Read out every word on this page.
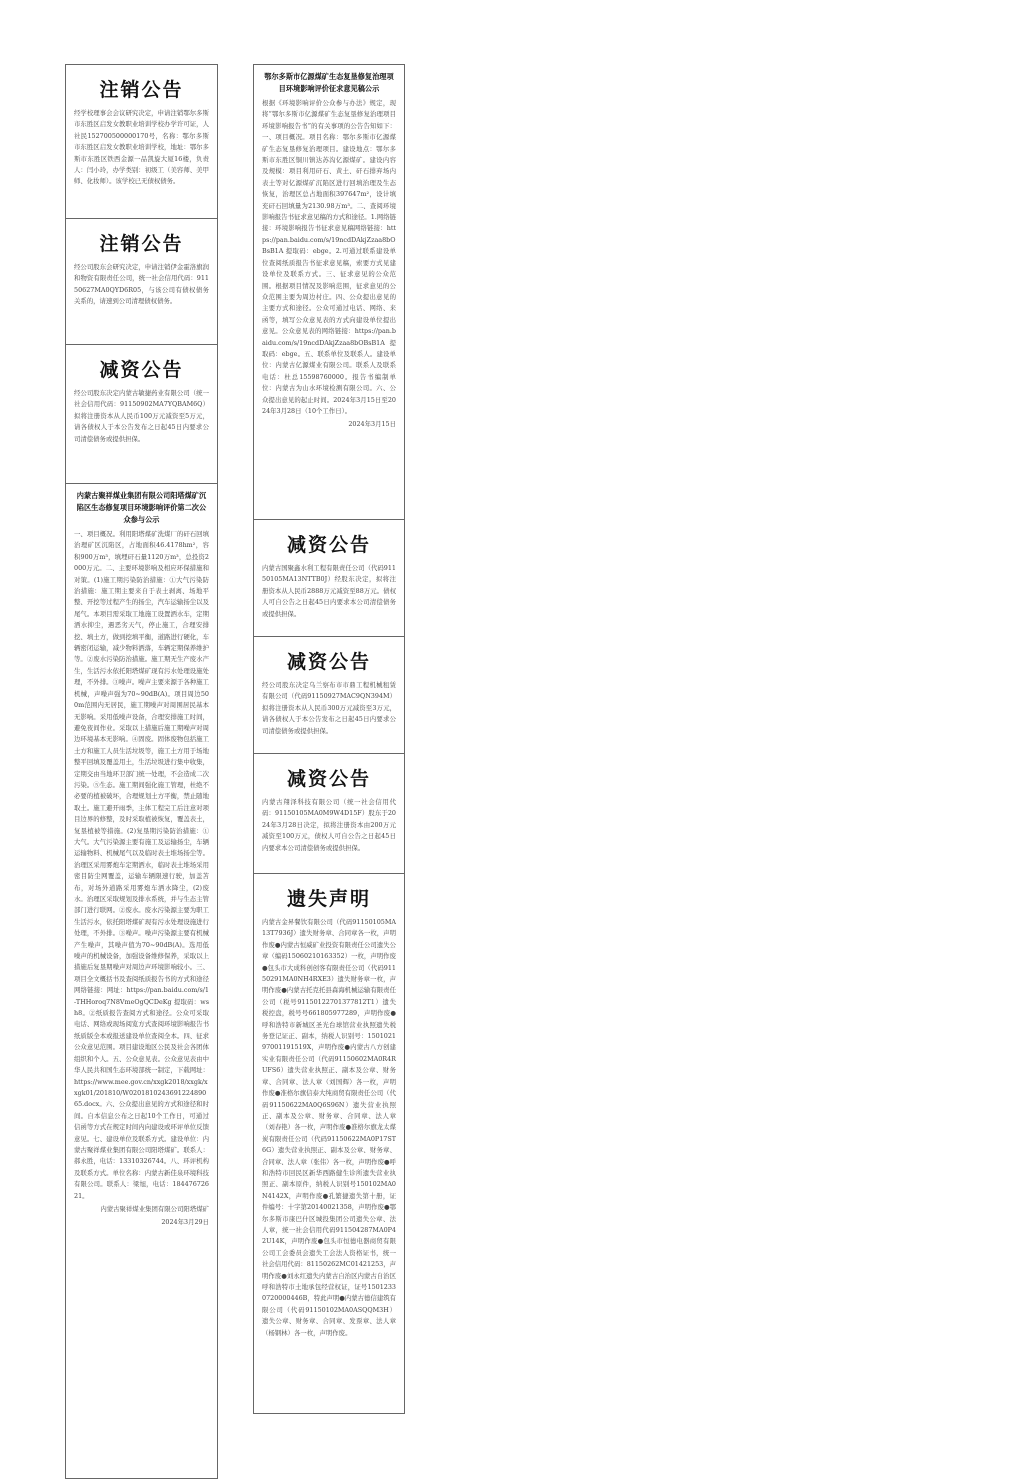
注销公告

经学校理事会会议研究决定，申请注销鄂尔多斯市东胜区启发女教职业培训学校办学许可证，人社民152700500000170号，名称：鄂尔多斯市东胜区启发女教职业培训学校，地址：鄂尔多斯市东胜区铁西金源一品凯旋大厦16楼，负责人：闫小玲，办学类别：初级工（美容师、美甲师、化妆师）。该学校已无债权债务。

注销公告

经公司股东会研究决定，申请注销伊金霍洛旗润和物资有限责任公司，统一社会信用代码：91150627MA0QYD6R05，与该公司有债权债务关系的，请速到公司清理债权债务。

减资公告

经公司股东决定内蒙古敏捷药业有限公司（统一社会信用代码：91150902MA7YQBAM6Q）拟将注册资本从人民币100万元减资至5万元，请各债权人于本公告发布之日起45日内要求公司清偿债务或提供担保。

内蒙古聚祥煤业集团有限公司阳塔煤矿沉陷区生态修复项目环境影响评价第二次公众参与公示

一、项目概况。利用阳塔煤矿洗煤厂的矸石回填治理矿区沉陷区，占地面积46.4178hm²，容积900万m³，填埋矸石量1120万m³，总投资2000万元。二、主要环境影响及相应环保措施和对策。(1)施工期污染防治措施：①大气污染防治措施：施工期主要来自于表土剥离、场地平整、开挖等过程产生的扬尘，汽车运输扬尘以及尾气。本项目需采取工地施工设置洒水车，定期洒水抑尘，遇恶劣天气，停止施工，合理安排挖、填土方，做到挖填平衡，道路进行硬化，车辆密闭运输，减少物料洒落，车辆定期保养维护等。②废水污染防治措施。施工期无生产废水产生，生活污水依托阳塔煤矿现有污水处理设施处理，不外排。③噪声。噪声主要来源于各种施工机械，声噪声强为70~90dB(A)。项目周边500m范围内无居民，施工期噪声对周围居民基本无影响。采用低噪声设备，合理安排施工时间，避免夜间作业。采取以上措施后施工期噪声对周边环境基本无影响。④固废。固体废物包括施工土方和施工人员生活垃圾等，施工土方用于场地整平回填及覆盖用土，生活垃圾进行集中收集，定期交由当地环卫部门统一处理，不会造成二次污染。⑤生态。施工期间强化施工管理，杜绝不必要的植被破坏，合理规划土方平衡，禁止随地取土。施工避开雨季，主体工程完工后注意对项目边界的修整，及时采取植被恢复，覆盖表土，复垦植被等措施。(2)复垦期污染防治措施：①大气。大气污染源主要有施工及运输扬尘，车辆运输物料、机械尾气以及临时表土堆场扬尘等。治理区采用雾炮车定期洒水，临时表土堆场采用密目防尘网覆盖，运输车辆限速行驶，加盖苫布，对场外道路采用雾炮车洒水降尘，(2)废水。治理区采取规划及排水系统，并与生态主管部门进行联网。②废水。废水污染源主要为职工生活污水，依托阳塔煤矿现有污水处理设施进行处理，不外排。③噪声。噪声污染源主要有机械产生噪声，其噪声值为70~90dB(A)。选用低噪声的机械设备，加强设备维修保养，采取以上措施后复垦期噪声对周边声环境影响较小。三、项目全文概括书及查阅纸质报告书的方式和途径网络链接：网址：https://pan.baidu.com/s/1-THHoroq7N8VmeOgQCDeKg 提取码：wsh8。②纸质报告查阅方式和途径。公众可采取电话、网络或现场阅览方式查阅环境影响报告书纸质版全本或报送建设单位查阅全本。四、征求公众意见范围。项目建设地区公民及社会各团体组织和个人。五、公众意见表。公众意见表由中华人民共和国生态环境部统一制定，下载网址：https://www.mee.gov.cn/xxgk2018/xxgk/xxgk01/201810/W020181024369122489065.docx。六、公众提出意见的方式和途径和时间。自本信息公布之日起10个工作日，可通过信函等方式在规定时间内向建设或环评单位反馈意见。七、建设单位及联系方式。建设单位：内蒙古聚祥煤业集团有限公司阳塔煤矿。联系人：郝永胜，电话：13310326744。八、环评机构及联系方式。单位名称：内蒙古新佳泉环境科技有限公司。联系人：梁旭，电话：18447672621。

内蒙古聚祥煤业集团有限公司阳塔煤矿
2024年3月29日
鄂尔多斯市亿源煤矿生态复垦修复治理项目环境影响评价征求意见稿公示

根据《环境影响评价公众参与办法》规定，现将“鄂尔多斯市亿源煤矿生态复垦修复治理项目环境影响报告书”的有关事项的公告告知如下：一、项目概况。项目名称：鄂尔多斯市亿源煤矿生态复垦修复治理项目。建设地点：鄂尔多斯市东胜区铜川镇达苏沟亿源煤矿。建设内容及规模：项目利用矸石、黄土、矸石排弃场内表土等对亿源煤矿沉陷区进行回填治理及生态恢复，治理区总占地面积397647m²，设计填充矸石回填量为2130.98万m³。二、查阅环境影响报告书征求意见稿的方式和途径。1.网络链接：环境影响报告书征求意见稿网络链接：https://pan.baidu.com/s/19ncdDAkjZzaa8bOBsB1A 提取码：ebge。2.可通过联系建设单位查阅纸质报告书征求意见稿，索要方式见建设单位及联系方式。三、征求意见的公众范围。根据项目情况及影响范围，征求意见的公众范围主要为周边村庄。四、公众提出意见的主要方式和途径。公众可通过电话、网络、来函等，填写公众意见表的方式向建设单位提出意见。公众意见表的网络链接：https://pan.baidu.com/s/19ncdDAkjZzaa8bOBsB1A 提取码：ebge。五、联系单位及联系人。建设单位：内蒙古亿源煤业有限公司。联系人及联系电话：杜总15598760000。报告书编制单位：内蒙古为山水环境检测有限公司。六、公众提出意见的起止时间。2024年3月15日至2024年3月28日（10个工作日）。

2024年3月15日
减资公告

内蒙古国聚鑫水利工程有限责任公司（代码91150105MA13NTTB0J）经股东决定，拟将注册资本从人民币2888万元减资至88万元。债权人可自公告之日起45日内要求本公司清偿债务或提供担保。

减资公告

经公司股东决定乌兰察布市市鼎工程机械租赁有限公司（代码91150927MAC9QN394M）拟将注册资本从人民币300万元减资至3万元，请各债权人于本公告发布之日起45日内要求公司清偿债务或提供担保。

减资公告

内蒙古翔泽科技有限公司（统一社会信用代码：91150105MA0M9W4D15F）股东于2024年3月28日决定，拟将注册资本由200万元减资至100万元，债权人可自公告之日起45日内要求本公司清偿债务或提供担保。

遗失声明

内蒙古金昇餐饮有限公司（代码91150105MA13T7936J）遗失财务章、合同章各一枚，声明作废●内蒙古恒威矿业投资有限责任公司遗失公章（编码15060210163352）一枚，声明作废●包头市大成科创创客有限责任公司（代码91150291MA0NH4RXE3）遗失财务章一枚，声明作废●内蒙古托克托县森海机械运输有限责任公司（税号91150122701377812T1）遗失税控盘，税号号661805977289，声明作废●呼和浩特市新城区圣光台球馆营业执照遗失税务登记证正、副本，纳税人识别号：150102197001191519X，声明作废●内蒙古八方创建实业有限责任公司（代码91150602MA0R4RUFS6）遗失营业执照正、副本及公章、财务章、合同章、法人章（刘国辉）各一枚，声明作废●准格尔旗信泰大纯商贸有限责任公司（代码91150622MA0Q6S96N）遗失营业执照正、副本及公章、财务章、合同章、法人章（刘春艳）各一枚，声明作废●准格尔旗龙太煤炭有限责任公司（代码91150622MA0P17ST6G）遗失营业执照正、副本及公章、财务章、合同章、法人章（张伟）各一枚，声明作废●呼和浩特市回民区新华西路健生诊所遗失营业执照正、副本原件，纳税人识别号150102MA0N4142X，声明作废●孔繁捷遗失第十册，证件编号：十字第20140021358，声明作废●鄂尔多斯市康巴什区城投集团公司遗失公章、法人章，统一社会信用代码911504287MA0P42U14K，声明作废●包头市恒德电器商贸有限公司工会委员会遗失工会法人资格证书，统一社会信用代码：81150262MC01421253，声明作废●刘永红遗失内蒙古自治区内蒙古自治区呼和浩特市土地承包经营权证，证号15012330720000446B，特此声明●内蒙古德信建筑有限公司（代码91150102MA0ASQQM3H）遗失公章、财务章、合同章、发票章、法人章（杨钢林）各一枚，声明作废。
